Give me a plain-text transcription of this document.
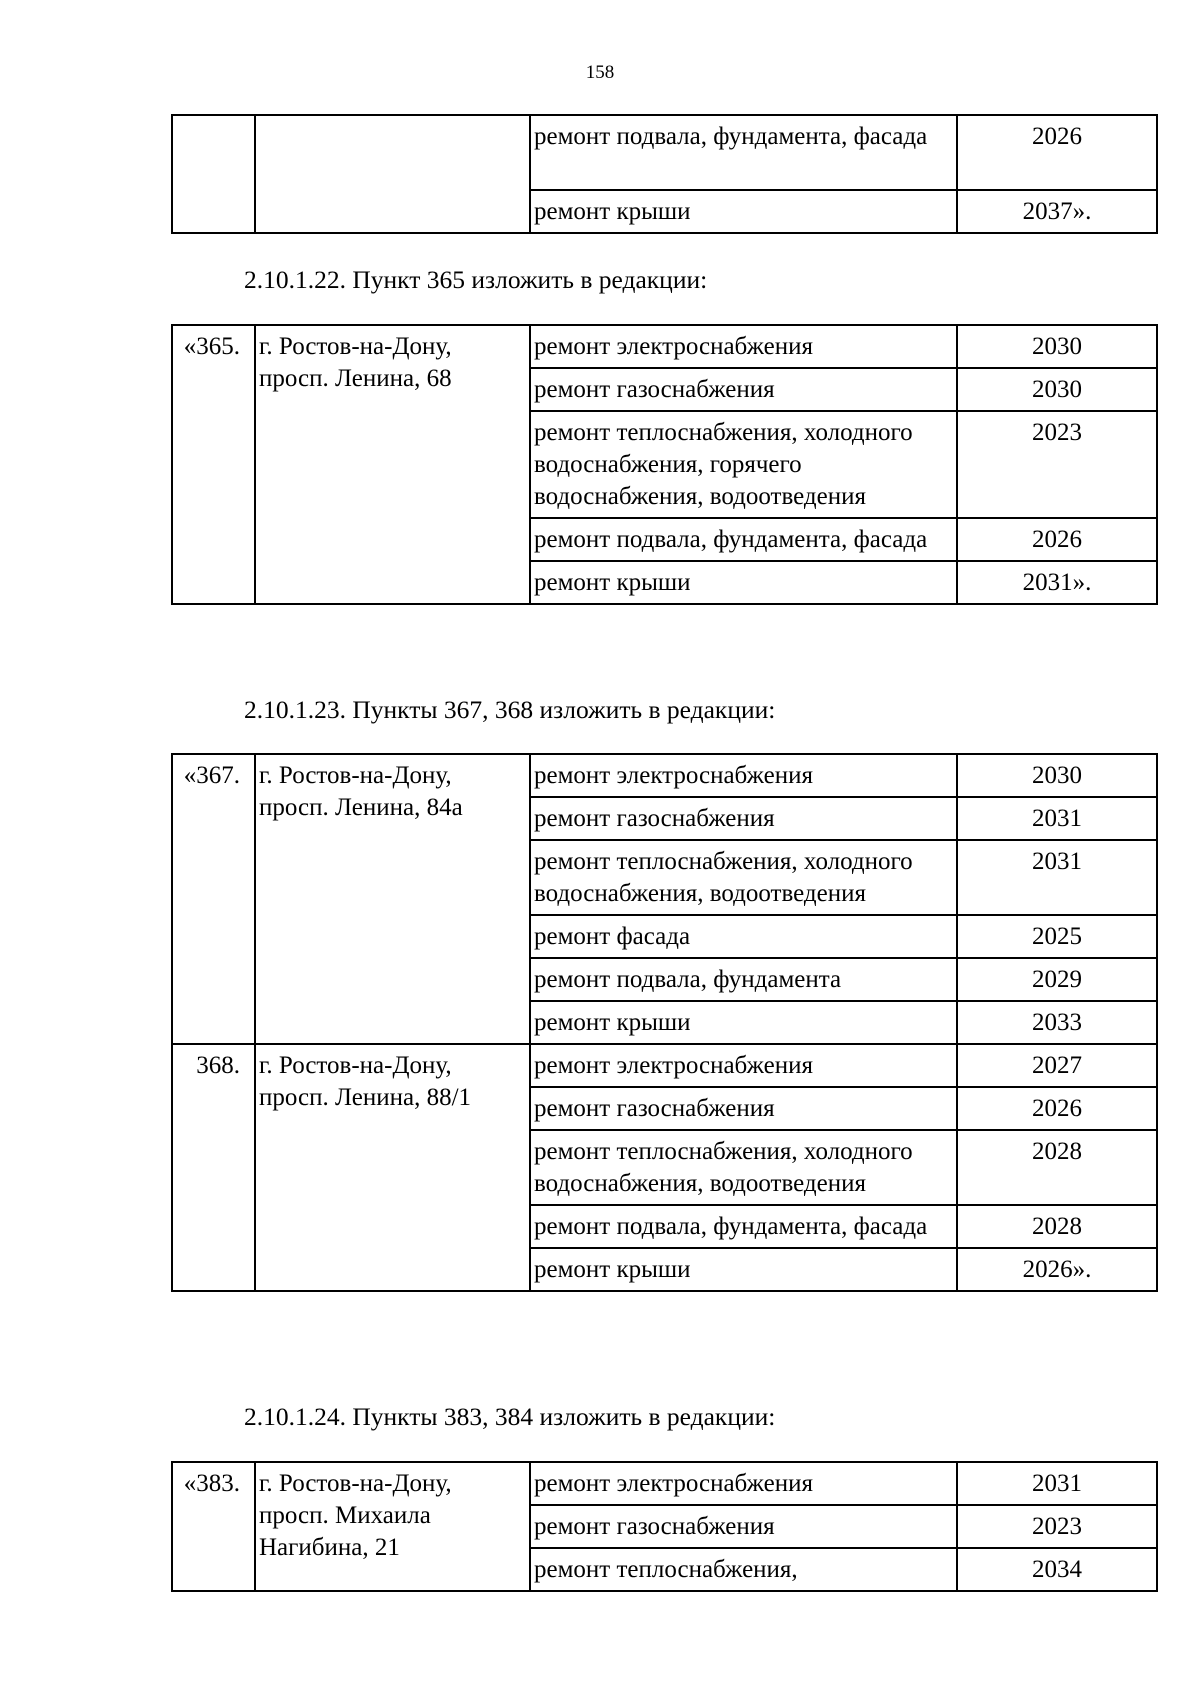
158
		ремонт подвала, фундамента, фасада	2026
		ремонт крыши	2037».
2.10.1.22. Пункт 365 изложить в редакции:
«365.	г. Ростов-на-Дону, просп. Ленина, 68	ремонт электроснабжения	2030
		ремонт газоснабжения	2030
		ремонт теплоснабжения, холодного водоснабжения, горячего водоснабжения, водоотведения	2023
		ремонт подвала, фундамента, фасада	2026
		ремонт крыши	2031».
2.10.1.23. Пункты 367, 368 изложить в редакции:
«367.	г. Ростов-на-Дону, просп. Ленина, 84а	ремонт электроснабжения	2030
		ремонт газоснабжения	2031
		ремонт теплоснабжения, холодного водоснабжения, водоотведения	2031
		ремонт фасада	2025
		ремонт подвала, фундамента	2029
		ремонт крыши	2033
368.	г. Ростов-на-Дону, просп. Ленина, 88/1	ремонт электроснабжения	2027
		ремонт газоснабжения	2026
		ремонт теплоснабжения, холодного водоснабжения, водоотведения	2028
		ремонт подвала, фундамента, фасада	2028
		ремонт крыши	2026».
2.10.1.24. Пункты 383, 384 изложить в редакции:
«383.	г. Ростов-на-Дону, просп. Михаила Нагибина, 21	ремонт электроснабжения	2031
		ремонт газоснабжения	2023
		ремонт теплоснабжения,	2034
